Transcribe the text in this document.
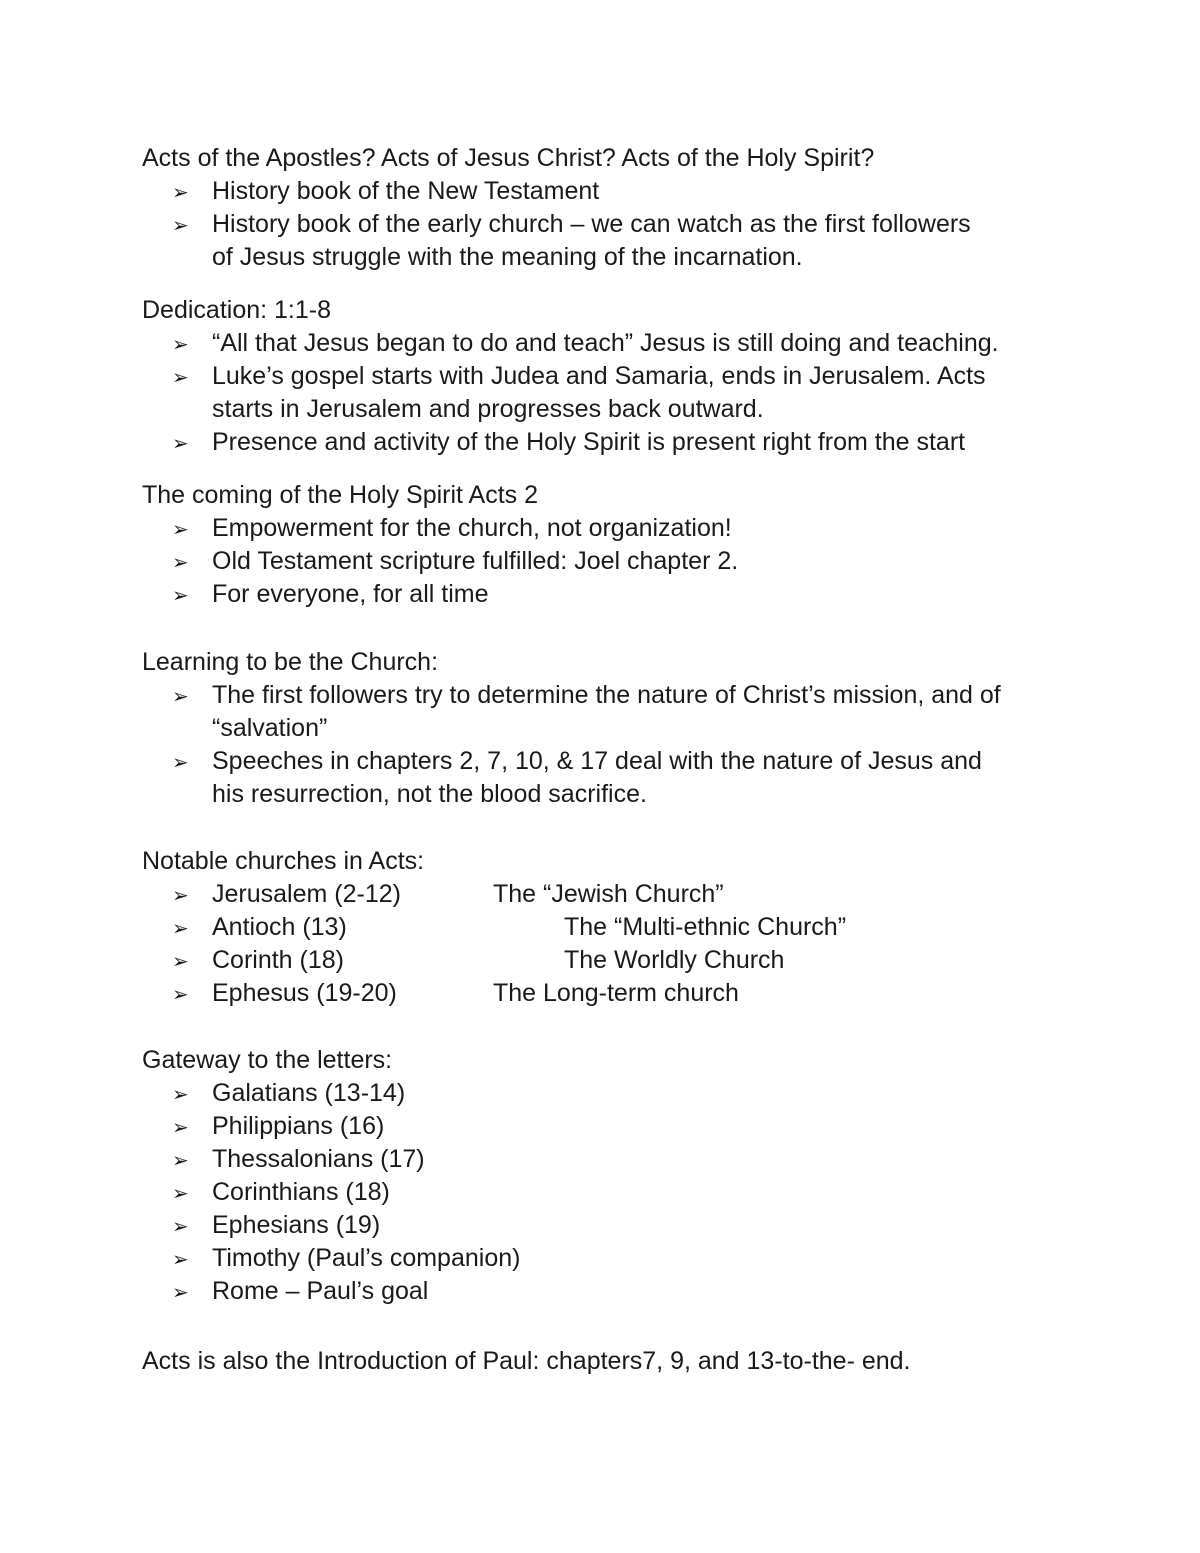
Acts of the Apostles? Acts of Jesus Christ? Acts of the Holy Spirit?
➢ History book of the New Testament
➢ History book of the early church – we can watch as the first followers
of Jesus struggle with the meaning of the incarnation.
Dedication: 1:1-8
➢ “All that Jesus began to do and teach” Jesus is still doing and teaching.
➢ Luke’s gospel starts with Judea and Samaria, ends in Jerusalem. Acts
starts in Jerusalem and progresses back outward.
➢ Presence and activity of the Holy Spirit is present right from the start
The coming of the Holy Spirit Acts 2
➢ Empowerment for the church, not organization!
➢ Old Testament scripture fulfilled: Joel chapter 2.
➢ For everyone, for all time
Learning to be the Church:
➢ The first followers try to determine the nature of Christ’s mission, and of
“salvation”
➢ Speeches in chapters 2, 7, 10, & 17 deal with the nature of Jesus and
his resurrection, not the blood sacrifice.
Notable churches in Acts:
➢ Jerusalem (2-12)	The “Jewish Church”
➢ Antioch (13)	The “Multi-ethnic Church”
➢ Corinth (18)	The Worldly Church
➢ Ephesus (19-20)	The Long-term church
Gateway to the letters:
➢ Galatians (13-14)
➢ Philippians (16)
➢ Thessalonians (17)
➢ Corinthians (18)
➢ Ephesians (19)
➢ Timothy (Paul’s companion)
➢ Rome – Paul’s goal
Acts is also the Introduction of Paul: chapters7, 9, and 13-to-the- end.
